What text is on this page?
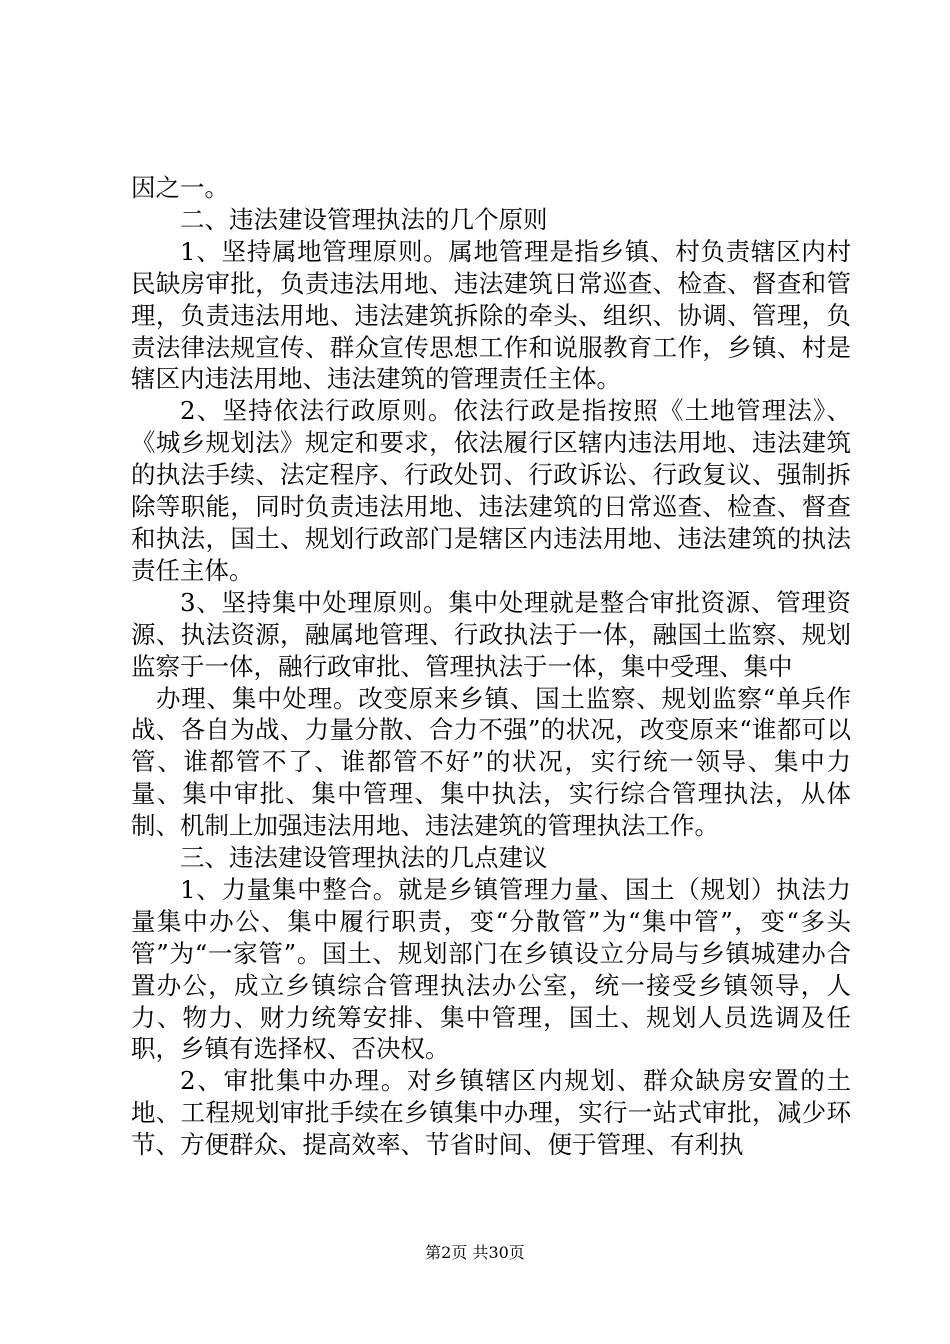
因之一。

二、违法建设管理执法的几个原则

1、坚持属地管理原则。属地管理是指乡镇、村负责辖区内村民缺房审批，负责违法用地、违法建筑日常巡查、检查、督查和管理，负责违法用地、违法建筑拆除的牵头、组织、协调、管理，负责法律法规宣传、群众宣传思想工作和说服教育工作，乡镇、村是辖区内违法用地、违法建筑的管理责任主体。

2、坚持依法行政原则。依法行政是指按照《土地管理法》、《城乡规划法》规定和要求，依法履行区辖内违法用地、违法建筑的执法手续、法定程序、行政处罚、行政诉讼、行政复议、强制拆除等职能，同时负责违法用地、违法建筑的日常巡查、检查、督查和执法，国土、规划行政部门是辖区内违法用地、违法建筑的执法责任主体。

3、坚持集中处理原则。集中处理就是整合审批资源、管理资源、执法资源，融属地管理、行政执法于一体，融国土监察、规划监察于一体，融行政审批、管理执法于一体，集中受理、集中

办理、集中处理。改变原来乡镇、国土监察、规划监察“单兵作战、各自为战、力量分散、合力不强”的状况，改变原来“谁都可以管、谁都管不了、谁都管不好”的状况，实行统一领导、集中力量、集中审批、集中管理、集中执法，实行综合管理执法，从体制、机制上加强违法用地、违法建筑的管理执法工作。

三、违法建设管理执法的几点建议

1、力量集中整合。就是乡镇管理力量、国土（规划）执法力量集中办公、集中履行职责，变“分散管”为“集中管”，变“多头管”为“一家管”。国土、规划部门在乡镇设立分局与乡镇城建办合置办公，成立乡镇综合管理执法办公室，统一接受乡镇领导，人力、物力、财力统筹安排、集中管理，国土、规划人员选调及任职，乡镇有选择权、否决权。

2、审批集中办理。对乡镇辖区内规划、群众缺房安置的土地、工程规划审批手续在乡镇集中办理，实行一站式审批，减少环节、方便群众、提高效率、节省时间、便于管理、有利执

第2页 共30页
